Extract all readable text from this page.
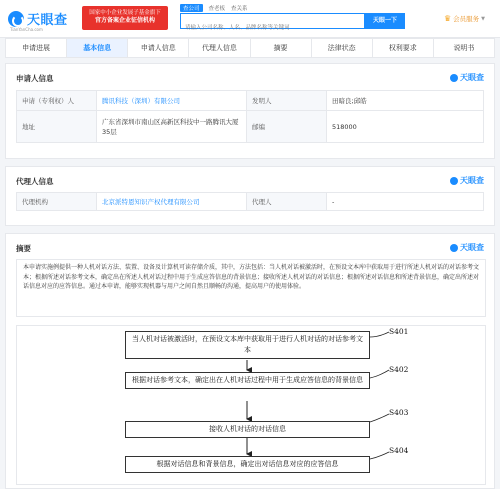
天眼查
TianYanCha.com
国家中小企业发展子基金旗下
官方备案企业征信机构
查公司	查老板 查关系
请输入公司名称、人名、品牌名称等关键词
天眼一下	♛ 会员服务 ▼
申请进展	基本信息	申请人信息	代理人信息	摘要	法律状态	权利要求	说明书
申请人信息	天眼查
申请（专利权）人	腾讯科技（深圳）有限公司	发明人	田暗良;邱皓
地址	广东省深圳市南山区高新区科技中一路腾讯大厦35层	邮编	518000
代理人信息	天眼查
代理机构	北京派特恩知识产权代理有限公司	代理人	-
摘要	天眼查
本申请实施例提供一种人机对话方法、装置、设备及计算机可读存储介质，其中，方法包括：当人机对话被激活时，在预设文本库中获取用于进行所述人机对话的对话参考文本；根据所述对话参考文本，确定出在所述人机对话过程中用于生成应答信息的背景信息；接收所述人机对话的对话信息；根据所述对话信息和所述背景信息，确定出所述对话信息对应的应答信息。通过本申请，能够实现机器与用户之间自然且顺畅的沟通，提高用户的使用体验。
当人机对话被激活时，在预设文本库中获取用于进行人机对话的对话参考文本
S401
根据对话参考文本，确定出在人机对话过程中用于生成应答信息的背景信息
S402
接收人机对话的对话信息
S403
根据对话信息和背景信息，确定出对话信息对应的应答信息
S404
